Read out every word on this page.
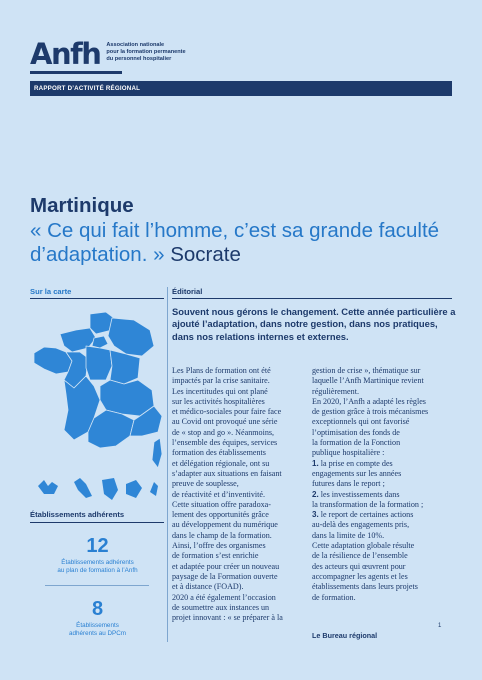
Anfh Association nationale
pour la formation permanente
du personnel hospitalier
RAPPORT D’ACTIVITÉ RÉGIONAL
Martinique
« Ce qui fait l’homme, c’est sa grande faculté d’adaptation. » Socrate
Sur la carte	Éditorial
Établissements adhérents
12
Établissements adhérents
au plan de formation à l’Anfh
8
Établissements
adhérents au DPCm
Souvent nous gérons le changement. Cette année particulière a ajouté l’adaptation, dans notre gestion, dans nos pratiques, dans nos relations internes et externes.

Les Plans de formation ont été

impactés par la crise sanitaire.

Les incertitudes qui ont plané

sur les activités hospitalières

et médico-sociales pour faire face

au Covid ont provoqué une série

de « stop and go ». Néanmoins,

l’ensemble des équipes, services

formation des établissements

et délégation régionale, ont su

s’adapter aux situations en faisant

preuve de souplesse,

de réactivité et d’inventivité.

Cette situation offre paradoxa-

lement des opportunités grâce

au développement du numérique

dans le champ de la formation.

Ainsi, l’offre des organismes

de formation s’est enrichie

et adaptée pour créer un nouveau

paysage de la Formation ouverte

et à distance (FOAD).

2020 a été également l’occasion

de soumettre aux instances un

projet innovant : « se préparer à la

gestion de crise », thématique sur

laquelle l’Anfh Martinique revient

régulièrement.

En 2020, l’Anfh a adapté les règles

de gestion grâce à trois mécanismes

exceptionnels qui ont favorisé

l’optimisation des fonds de

la formation de la Fonction

publique hospitalière :

1. la prise en compte des

engagements sur les années

futures dans le report ;

2. les investissements dans

la transformation de la formation ;

3. le report de certaines actions

au-delà des engagements pris,

dans la limite de 10%.

Cette adaptation globale résulte

de la résilience de l’ensemble

des acteurs qui œuvrent pour

accompagner les agents et les

établissements dans leurs projets

de formation.

Le Bureau régional
1
